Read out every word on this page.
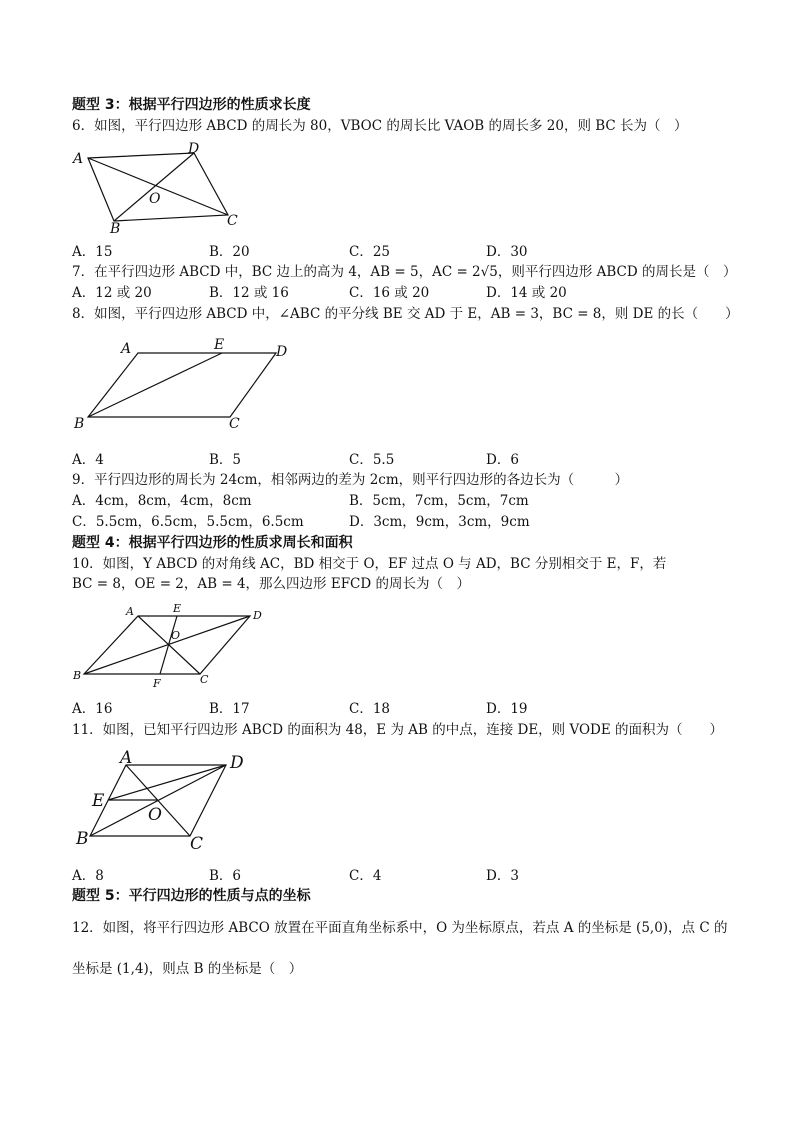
题型 3：根据平行四边形的性质求长度
6．如图，平行四边形 ABCD 的周长为 80，VBOC 的周长比 VAOB 的周长多 20，则 BC 长为（　）
A
D
O
B	C
A．15	B．20	C．25	D．30
7．在平行四边形 ABCD 中，BC 边上的高为 4，AB = 5，AC = 2√5，则平行四边形 ABCD 的周长是（　）
A．12 或 20	B．12 或 16	C．16 或 20	D．14 或 20
8．如图，平行四边形 ABCD 中，∠ABC 的平分线 BE 交 AD 于 E，AB = 3，BC = 8，则 DE 的长（　　）
A	E	D
B	C
A．4	B．5	C．5.5	D．6
9．平行四边形的周长为 24cm，相邻两边的差为 2cm，则平行四边形的各边长为（　　　）
A．4cm，8cm，4cm，8cm	B．5cm，7cm，5cm，7cm
C．5.5cm，6.5cm，5.5cm，6.5cm	D．3cm，9cm，3cm，9cm
题型 4：根据平行四边形的性质求周长和面积
10．如图，Y ABCD 的对角线 AC，BD 相交于 O，EF 过点 O 与 AD，BC 分别相交于 E，F，若
BC = 8，OE = 2，AB = 4，那么四边形 EFCD 的周长为（　）
A	E
D
O
B
F	C
A．16	B．17	C．18	D．19
11．如图，已知平行四边形 ABCD 的面积为 48，E 为 AB 的中点，连接 DE，则 VODE 的面积为（　　）
A	D
E
O
B	C
A．8	B．6	C．4	D．3
题型 5：平行四边形的性质与点的坐标
12．如图，将平行四边形 ABCO 放置在平面直角坐标系中，O 为坐标原点，若点 A 的坐标是 (5,0)，点 C 的
坐标是 (1,4)，则点 B 的坐标是（　）
